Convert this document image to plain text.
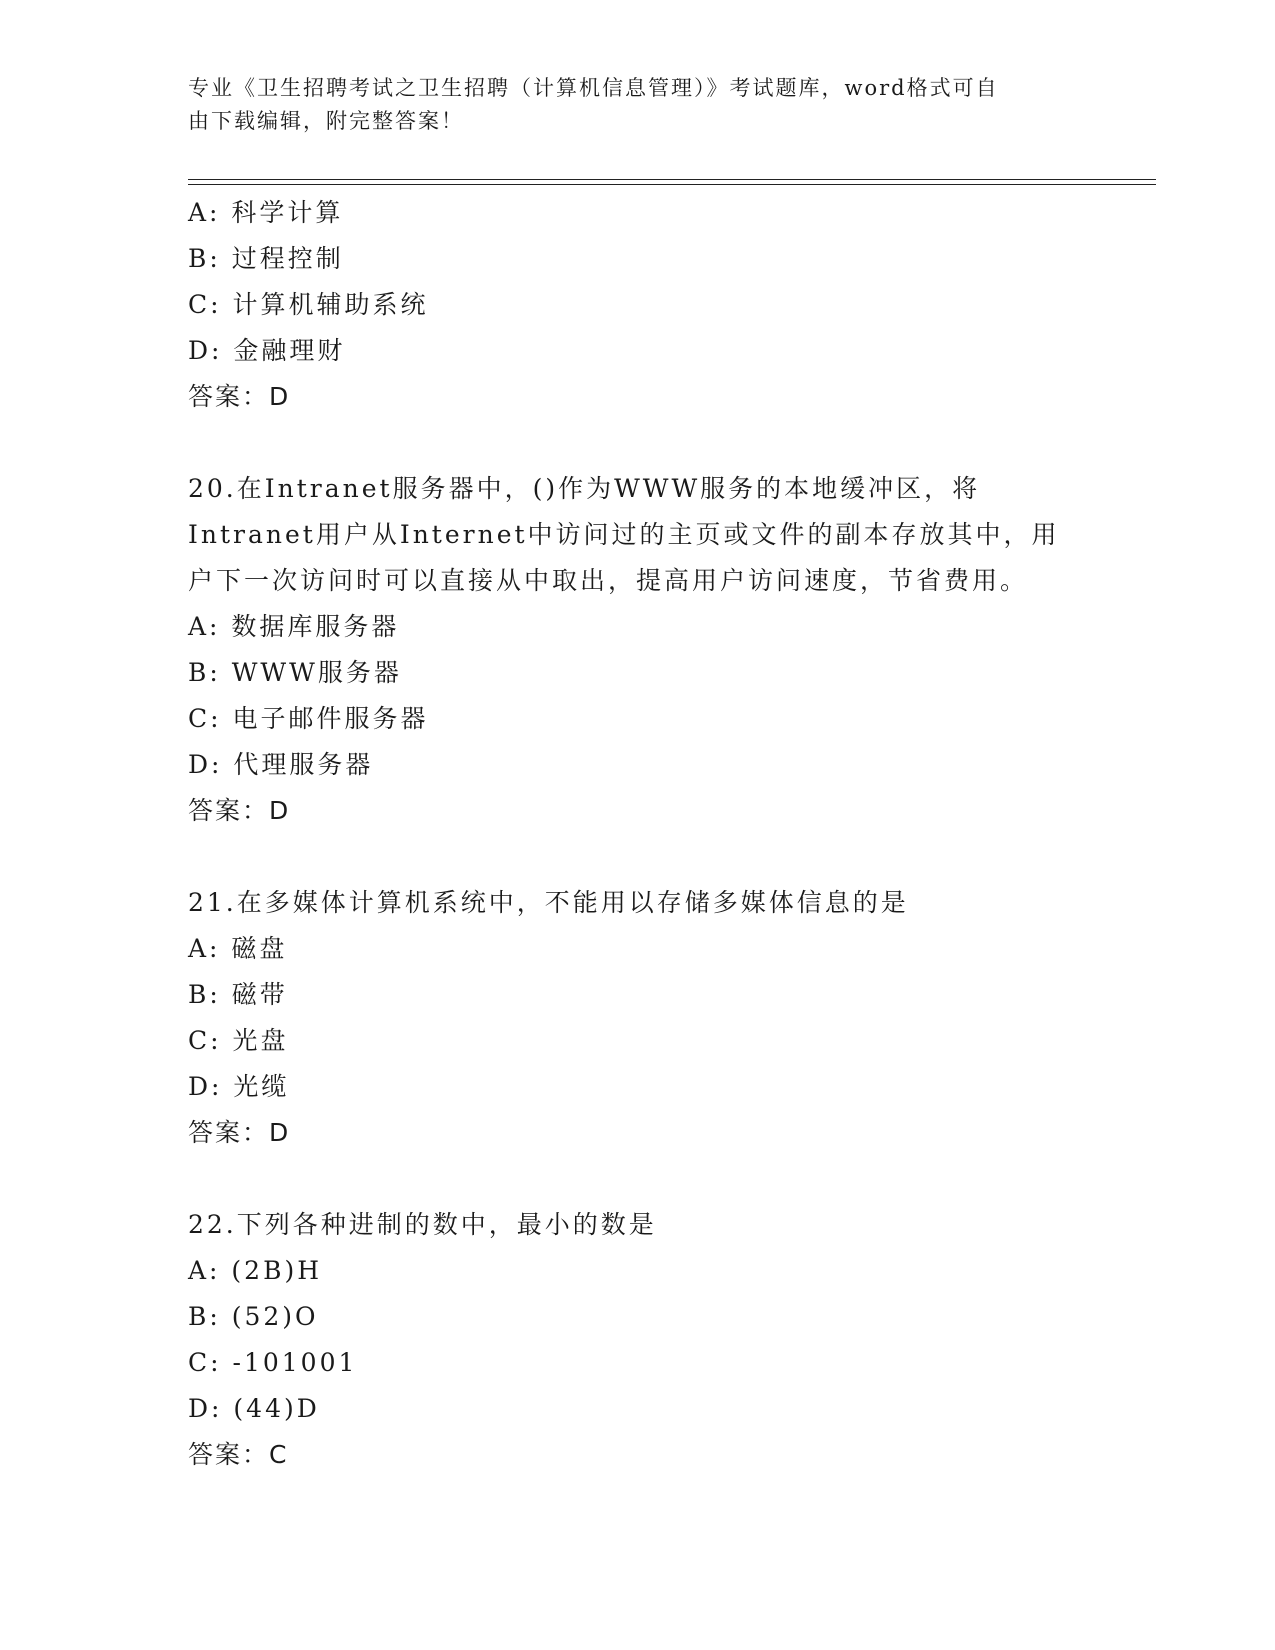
专业《卫生招聘考试之卫生招聘（计算机信息管理）》考试题库，word格式可自
由下载编辑，附完整答案！
A: 科学计算
B: 过程控制
C: 计算机辅助系统
D: 金融理财
答案：D
20.在Intranet服务器中，()作为WWW服务的本地缓冲区，将
Intranet用户从Internet中访问过的主页或文件的副本存放其中，用
户下一次访问时可以直接从中取出，提高用户访问速度，节省费用。
A: 数据库服务器
B: WWW服务器
C: 电子邮件服务器
D: 代理服务器
答案：D
21.在多媒体计算机系统中，不能用以存储多媒体信息的是
A: 磁盘
B: 磁带
C: 光盘
D: 光缆
答案：D
22.下列各种进制的数中，最小的数是
A: (2B)H
B: (52)O
C: -101001
D: (44)D
答案：C
